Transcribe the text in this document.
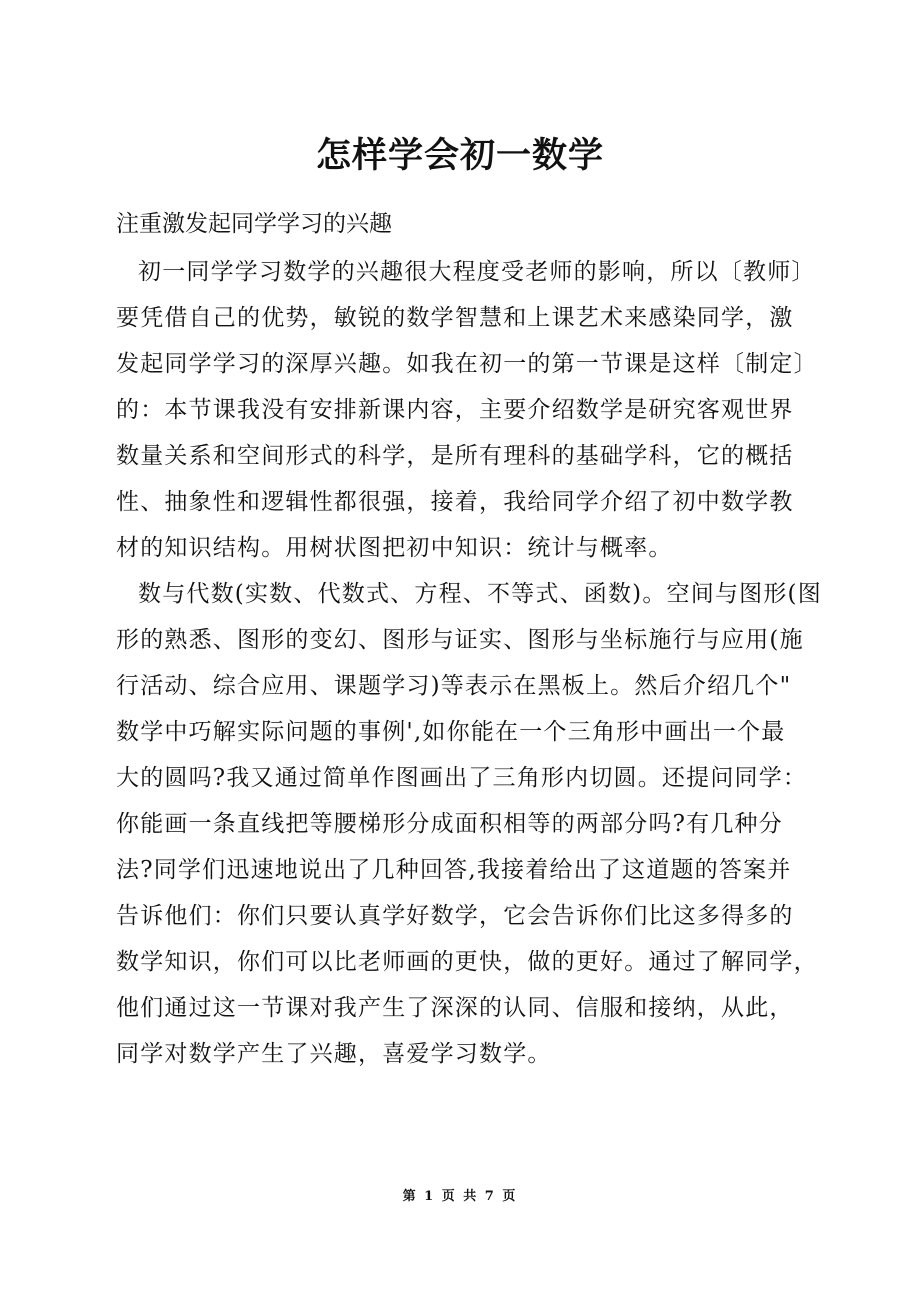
怎样学会初一数学
注重激发起同学学习的兴趣
初一同学学习数学的兴趣很大程度受老师的影响，所以〔教师〕
要凭借自己的优势，敏锐的数学智慧和上课艺术来感染同学，激
发起同学学习的深厚兴趣。如我在初一的第一节课是这样〔制定〕
的：本节课我没有安排新课内容，主要介绍数学是研究客观世界
数量关系和空间形式的科学，是所有理科的基础学科，它的概括
性、抽象性和逻辑性都很强，接着，我给同学介绍了初中数学教
材的知识结构。用树状图把初中知识：统计与概率。
数与代数(实数、代数式、方程、不等式、函数)。空间与图形(图
形的熟悉、图形的变幻、图形与证实、图形与坐标施行与应用(施
行活动、综合应用、课题学习)等表示在黑板上。然后介绍几个"
数学中巧解实际问题的事例',如你能在一个三角形中画出一个最
大的圆吗?我又通过简单作图画出了三角形内切圆。还提问同学：
你能画一条直线把等腰梯形分成面积相等的两部分吗?有几种分
法?同学们迅速地说出了几种回答,我接着给出了这道题的答案并
告诉他们：你们只要认真学好数学，它会告诉你们比这多得多的
数学知识，你们可以比老师画的更快，做的更好。通过了解同学，
他们通过这一节课对我产生了深深的认同、信服和接纳，从此，
同学对数学产生了兴趣，喜爱学习数学。
第 1 页 共 7 页
